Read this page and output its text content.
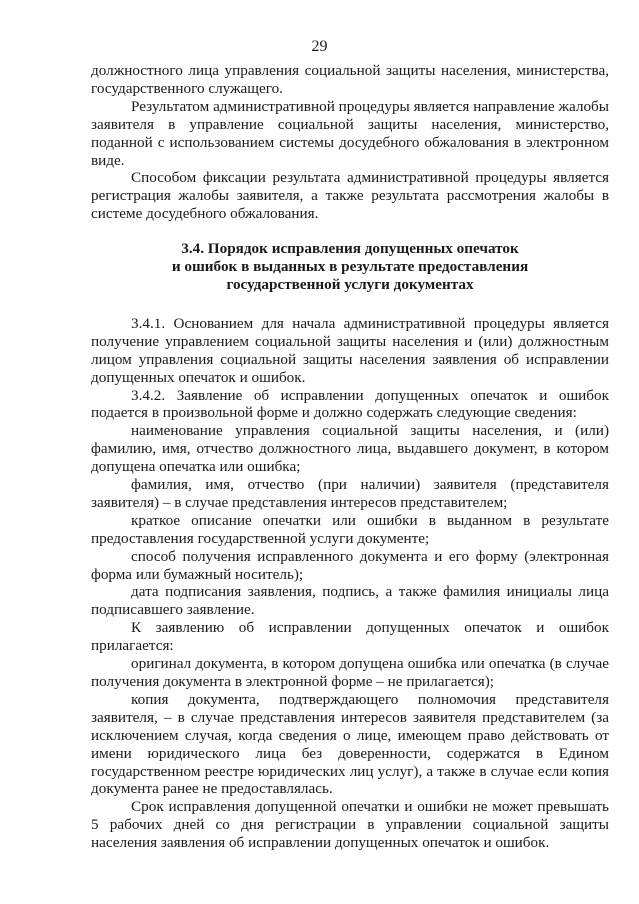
29

должностного лица управления социальной защиты населения, министерства, государственного служащего.

Результатом административной процедуры является направление жалобы заявителя в управление социальной защиты населения, министерство, поданной с использованием системы досудебного обжалования в электронном виде.

Способом фиксации результата административной процедуры является регистрация жалобы заявителя, а также результата рассмотрения жалобы в системе досудебного обжалования.

3.4. Порядок исправления допущенных опечаток
и ошибок в выданных в результате предоставления
государственной услуги документах

3.4.1. Основанием для начала административной процедуры является получение управлением социальной защиты населения и (или) должностным лицом управления социальной защиты населения заявления об исправлении допущенных опечаток и ошибок.

3.4.2. Заявление об исправлении допущенных опечаток и ошибок подается в произвольной форме и должно содержать следующие сведения:

наименование управления социальной защиты населения, и (или) фамилию, имя, отчество должностного лица, выдавшего документ, в котором допущена опечатка или ошибка;

фамилия, имя, отчество (при наличии) заявителя (представителя заявителя) – в случае представления интересов представителем;

краткое описание опечатки или ошибки в выданном в результате предоставления государственной услуги документе;

способ получения исправленного документа и его форму (электронная форма или бумажный носитель);

дата подписания заявления, подпись, а также фамилия инициалы лица подписавшего заявление.

К заявлению об исправлении допущенных опечаток и ошибок прилагается:

оригинал документа, в котором допущена ошибка или опечатка (в случае получения документа в электронной форме – не прилагается);

копия документа, подтверждающего полномочия представителя заявителя, – в случае представления интересов заявителя представителем (за исключением случая, когда сведения о лице, имеющем право действовать от имени юридического лица без доверенности, содержатся в Едином государственном реестре юридических лиц услуг), а также в случае если копия документа ранее не предоставлялась.

Срок исправления допущенной опечатки и ошибки не может превышать 5 рабочих дней со дня регистрации в управлении социальной защиты населения заявления об исправлении допущенных опечаток и ошибок.
